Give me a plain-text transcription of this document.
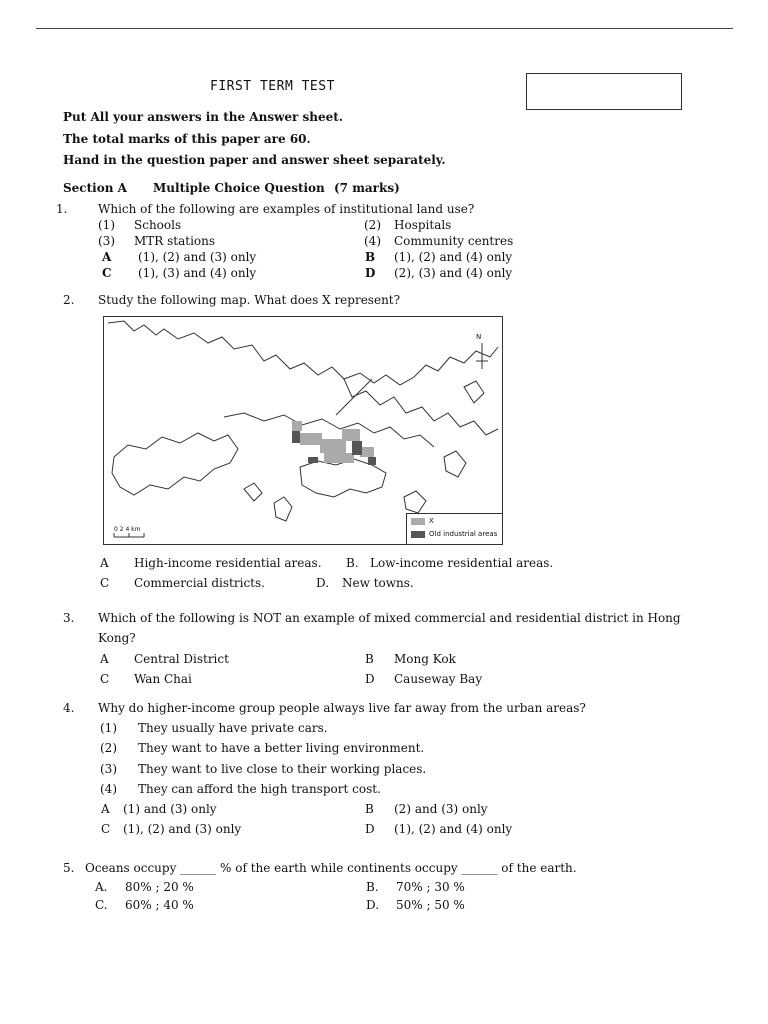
FIRST TERM TEST
Put All your answers in the Answer sheet.
The total marks of this paper are 60.
Hand in the question paper and answer sheet separately.
Section A Multiple Choice Question (7 marks)
1.	Which of the following are examples of institutional land use?
(1) Schools	(2) Hospitals
(3) MTR stations	(4) Community centres
A (1), (2) and (3) only	B (1), (2) and (4) only
C (1), (3) and (4) only	D (2), (3) and (4) only
2. Study the following map. What does X represent?
N
0 2 4 km
X
Old industrial areas
A High-income residential areas. B. Low-income residential areas.
C Commercial districts.	D. New towns.
3. Which of the following is NOT an example of mixed commercial and residential district in Hong
Kong?
A Central District	B Mong Kok
C Wan Chai	D Causeway Bay
4. Why do higher-income group people always live far away from the urban areas?
(1) They usually have private cars.
(2) They want to have a better living environment.
(3) They want to live close to their working places.
(4) They can afford the high transport cost.
A (1) and (3) only	B (2) and (3) only
C (1), (2) and (3) only	D (1), (2) and (4) only
5. Oceans occupy ______ % of the earth while continents occupy ______ of the earth.
A. 80% ; 20 %	B. 70% ; 30 %
C. 60% ; 40 %	D. 50% ; 50 %
